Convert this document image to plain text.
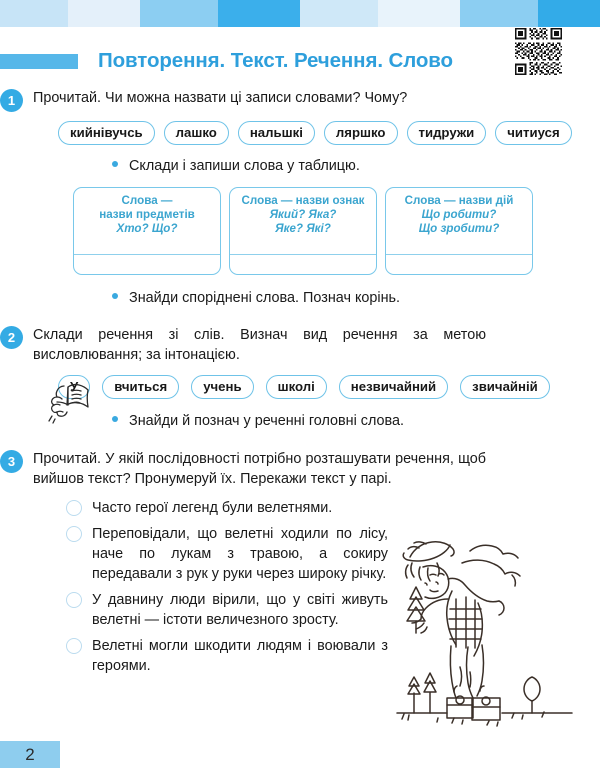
Повторення. Текст. Речення. Слово
1	Прочитай. Чи можна назвати ці записи словами? Чому?
кийнівучсь	лашко	нальшкі	ляршко	тидружи	читиуся
Склади і запиши слова у таблицю.
Слова —
назви предметів
Хто? Що?
Слова — назви ознак
Який? Яка?
Яке? Які?
Слова — назви дій
Що робити?
Що зробити?
Знайди споріднені слова. Познач корінь.
2	Склади речення зі слів. Визнач вид речення за метою висловлювання; за інтонацією.
У	вчиться	учень	школі	незвичайний	звичайній
Знайди й познач у реченні головні слова.
3	Прочитай. У якій послідовності потрібно розташувати речення, щоб вийшов текст? Пронумеруй їх. Перекажи текст у парі.
Часто герої легенд були велетнями.
Переповідали, що велетні ходили по лісу, наче по лукам з травою, а сокиру передавали з рук у руки через широку річку.
У давнину люди вірили, що у світі живуть велетні — істоти величезного зросту.
Велетні могли шкодити людям і воювали з героями.
2
